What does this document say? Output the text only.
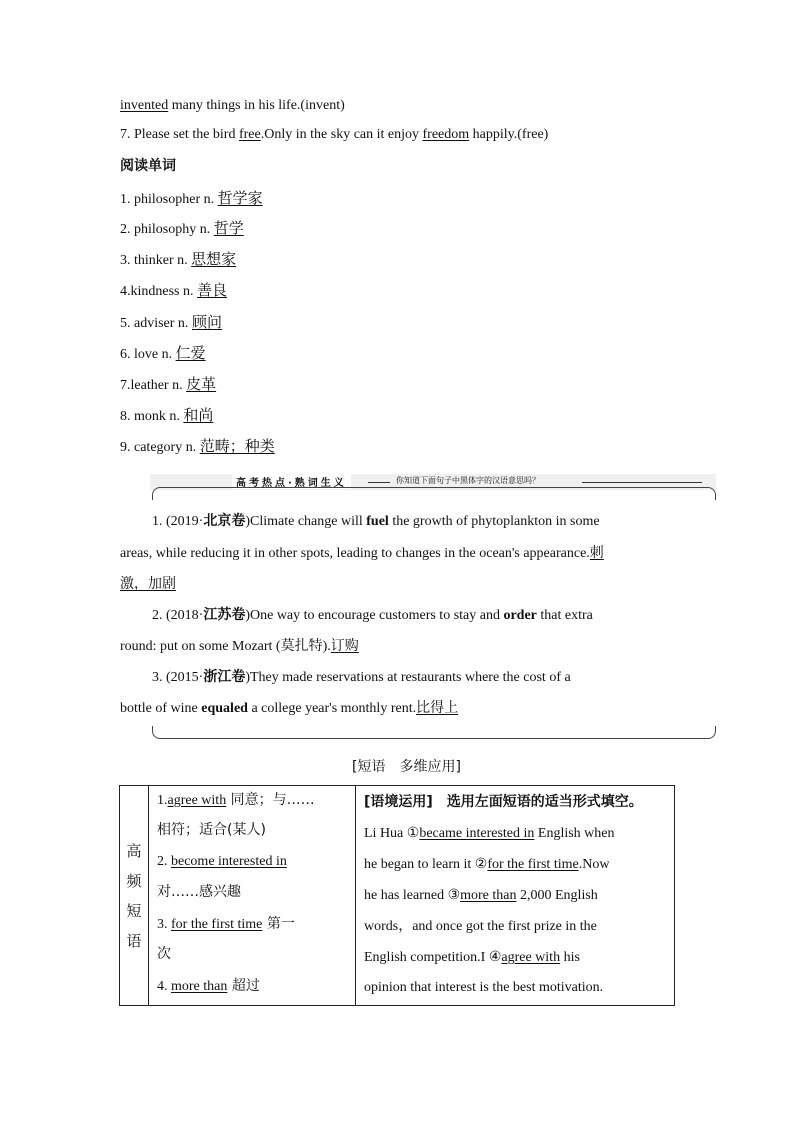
invented many things in his life.(invent)
7. Please set the bird free.Only in the sky can it enjoy freedom happily.(free)
阅读单词
1. philosopher n. 哲学家
2. philosophy n. 哲学
3. thinker n. 思想家
4.kindness n. 善良
5. adviser n. 顾问
6. love n. 仁爱
7.leather n. 皮革
8. monk n. 和尚
9. category n. 范畴；种类
高考热点·熟词生义	你知道下面句子中黑体字的汉语意思吗？
1. (2019·北京卷)Climate change will fuel the growth of phytoplankton in some
areas, while reducing it in other spots, leading to changes in the ocean's appearance.刺
激，加剧
2. (2018·江苏卷)One way to encourage customers to stay and order that extra
round: put on some Mozart (莫扎特).订购
3. (2015·浙江卷)They made reservations at restaurants where the cost of a
bottle of wine equaled a college year's monthly rent.比得上
[短语　多维应用]
高
频
短
语

1.agree with 同意；与……
相符；适合(某人)
2. become interested in
对……感兴趣
3. for the first time 第一
次
4. more than 超过

[语境运用]　选用左面短语的适当形式填空。
Li Hua ①became interested in English when
he began to learn it ②for the first time.Now
he has learned ③more than 2,000 English
words，and once got the first prize in the
English competition.I ④agree with his
opinion that interest is the best motivation.
